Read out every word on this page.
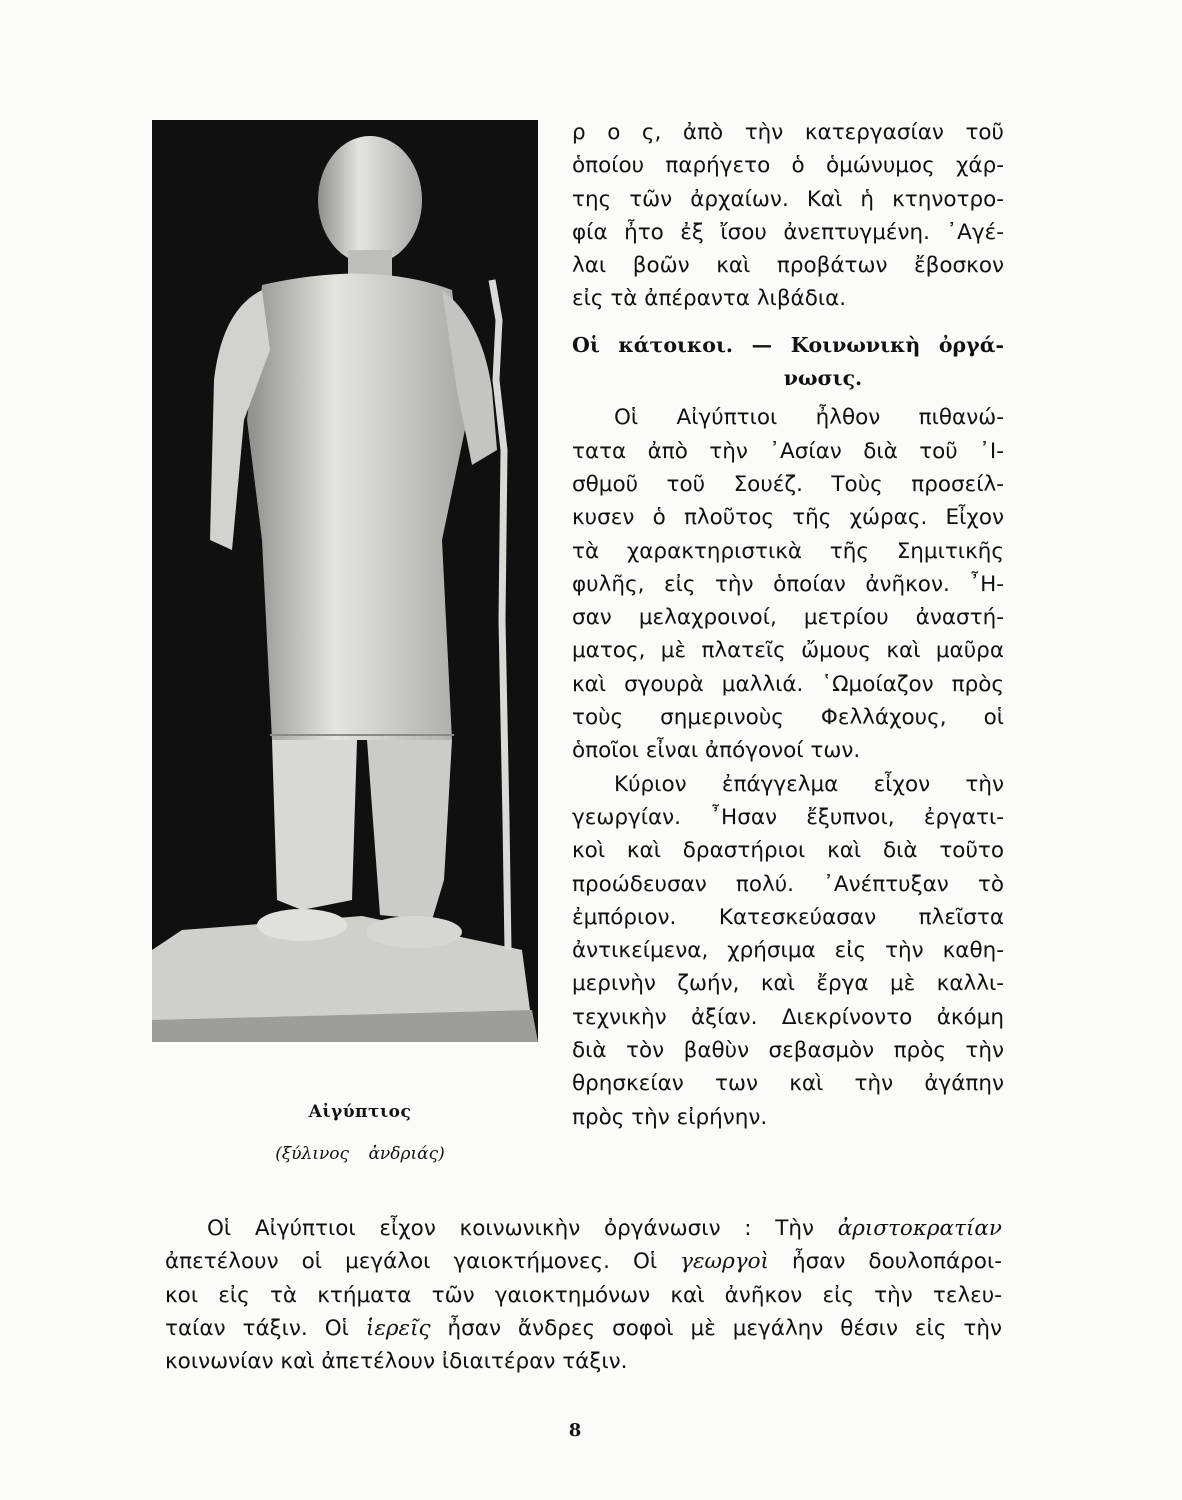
Αἰγύπτιος
(ξύλινος ἀνδριάς)
ρ ο ς, ἀπὸ τὴν κατεργασίαν τοῦ
ὁποίου παρήγετο ὁ ὁμώνυμος χάρ-
της τῶν ἀρχαίων. Καὶ ἡ κτηνοτρο-
φία ἦτο ἐξ ἴσου ἀνεπτυγμένη. ᾿Αγέ-
λαι βοῶν καὶ προβάτων ἔβοσκον
εἰς τὰ ἀπέραντα λιβάδια.
Οἱ κάτοικοι. — Κοινωνικὴ ὀργά-
νωσις.
Οἱ Αἰγύπτιοι ἦλθον πιθανώ-
τατα ἀπὸ τὴν ᾿Ασίαν διὰ τοῦ ᾿Ι-
σθμοῦ τοῦ Σουέζ. Τοὺς προσείλ-
κυσεν ὁ πλοῦτος τῆς χώρας. Εἶχον
τὰ χαρακτηριστικὰ τῆς Σημιτικῆς
φυλῆς, εἰς τὴν ὁποίαν ἀνῆκον. ῏Η-
σαν μελαχροινοί, μετρίου ἀναστή-
ματος, μὲ πλατεῖς ὤμους καὶ μαῦρα
καὶ σγουρὰ μαλλιά. ῾Ωμοίαζον πρὸς
τοὺς σημερινοὺς Φελλάχους, οἱ
ὁποῖοι εἶναι ἀπόγονοί των.
Κύριον ἐπάγγελμα εἶχον τὴν
γεωργίαν. ῏Ησαν ἔξυπνοι, ἐργατι-
κοὶ καὶ δραστήριοι καὶ διὰ τοῦτο
προώδευσαν πολύ. ᾿Ανέπτυξαν τὸ
ἐμπόριον. Κατεσκεύασαν πλεῖστα
ἀντικείμενα, χρήσιμα εἰς τὴν καθη-
μερινὴν ζωήν, καὶ ἔργα μὲ καλλι-
τεχνικὴν ἀξίαν. Διεκρίνοντο ἀκόμη
διὰ τὸν βαθὺν σεβασμὸν πρὸς τὴν
θρησκείαν των καὶ τὴν ἀγάπην
πρὸς τὴν εἰρήνην.
Οἱ Αἰγύπτιοι εἶχον κοινωνικὴν ὀργάνωσιν : Τὴν ἀριστοκρατίαν
ἀπετέλουν οἱ μεγάλοι γαιοκτήμονες. Οἱ γεωργοὶ ἦσαν δουλοπάροι-
κοι εἰς τὰ κτήματα τῶν γαιοκτημόνων καὶ ἀνῆκον εἰς τὴν τελευ-
ταίαν τάξιν. Οἱ ἱερεῖς ἦσαν ἄνδρες σοφοὶ μὲ μεγάλην θέσιν εἰς τὴν
κοινωνίαν καὶ ἀπετέλουν ἰδιαιτέραν τάξιν.
8
